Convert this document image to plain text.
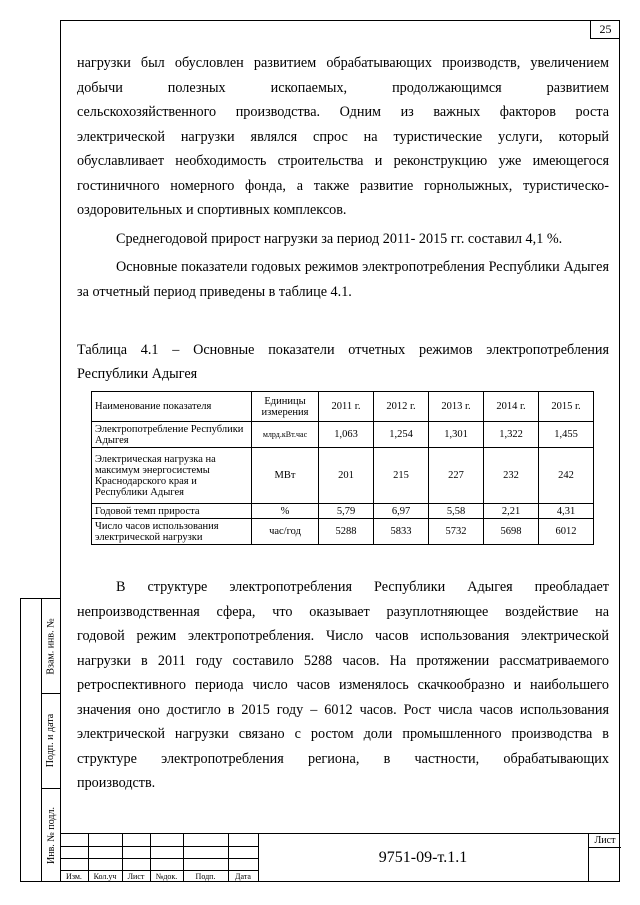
25

нагрузки был обусловлен развитием обрабатывающих производств, увеличением

добычи полезных ископаемых, продолжающимся развитием

сельскохозяйственного производства. Одним из важных факторов роста

электрической нагрузки являлся спрос на туристические услуги, который

обуславливает необходимость строительства и реконструкцию уже имеющегося

гостиничного номерного фонда, а также развитие горнолыжных, туристическо-

оздоровительных и спортивных комплексов.

Среднегодовой прирост нагрузки за период 2011- 2015 гг. составил 4,1 %.

Основные показатели годовых режимов электропотребления Республики Адыгея за отчетный период приведены в таблице 4.1.

Таблица 4.1 – Основные показатели отчетных режимов электропотребления Республики Адыгея

Наименование показателя	Единицы измерения	2011 г.	2012 г.	2013 г.	2014 г.	2015 г.
Электропотребление Республики Адыгея	млрд.кВт.час	1,063	1,254	1,301	1,322	1,455
Электрическая нагрузка на максимум энергосистемы Краснодарского края и Республики Адыгея	МВт	201	215	227	232	242
Годовой темп прироста	%	5,79	6,97	5,58	2,21	4,31
Число часов использования электрической нагрузки	час/год	5288	5833	5732	5698	6012

В структуре электропотребления Республики Адыгея преобладает

непроизводственная сфера, что оказывает разуплотняющее воздействие на

годовой режим электропотребления. Число часов использования электрической

нагрузки в 2011 году составило 5288 часов. На протяжении рассматриваемого

ретроспективного периода число часов изменялось скачкообразно и наибольшего

значения оно достигло в 2015 году – 6012 часов. Рост числа часов использования

электрической нагрузки связано с ростом доли промышленного производства в

структуре электропотребления региона, в частности, обрабатывающих

производств.

Взам. инв. №
Подп. и дата
Инв. № подл.
Изм.	Кол.уч	Лист	№док.	Подп.	Дата
9751-09-т.1.1
Лист
